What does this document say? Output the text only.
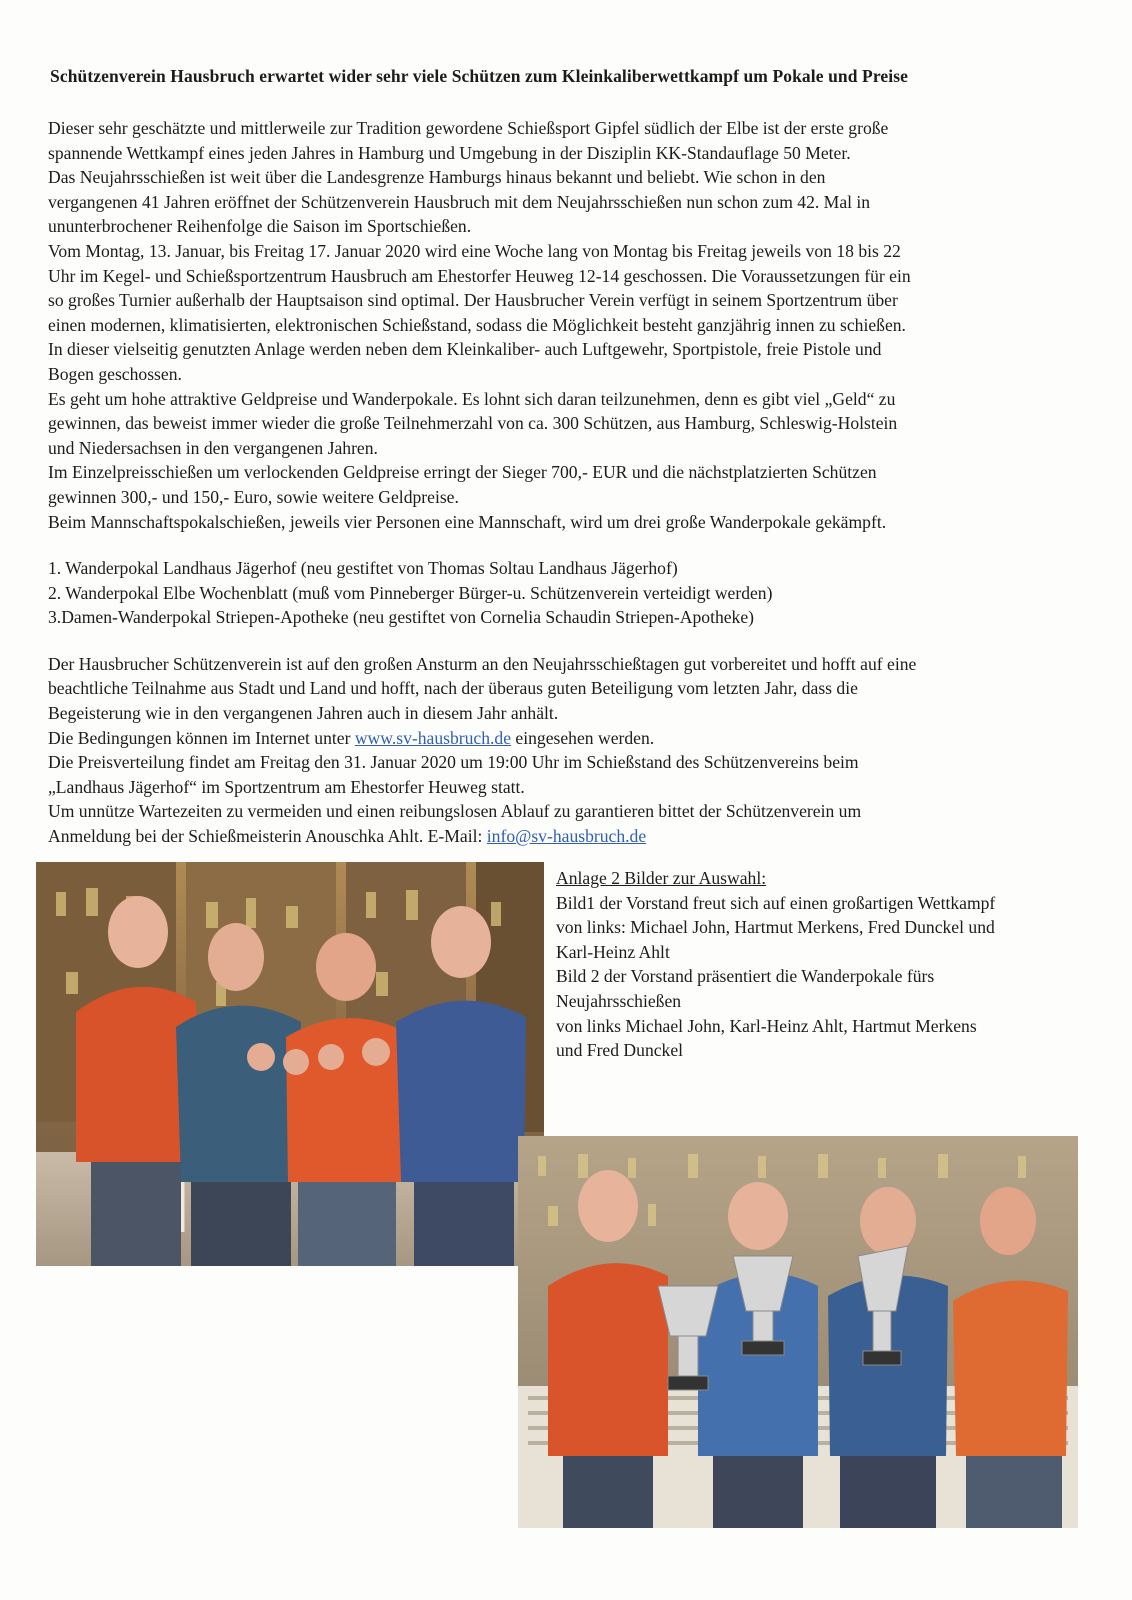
Schützenverein Hausbruch erwartet wider sehr viele Schützen zum Kleinkaliberwettkampf um Pokale und Preise

Dieser sehr geschätzte und mittlerweile zur Tradition gewordene Schießsport Gipfel südlich der Elbe ist der erste große

spannende Wettkampf eines jeden Jahres in Hamburg und Umgebung in der Disziplin KK-Standauflage 50 Meter.

Das Neujahrsschießen ist weit über die Landesgrenze Hamburgs hinaus bekannt und beliebt. Wie schon in den

vergangenen 41 Jahren eröffnet der Schützenverein Hausbruch mit dem Neujahrsschießen nun schon zum 42. Mal in

ununterbrochener Reihenfolge die Saison im Sportschießen.

Vom Montag, 13. Januar, bis Freitag 17. Januar 2020 wird eine Woche lang von Montag bis Freitag jeweils von 18 bis 22

Uhr im Kegel- und Schießsportzentrum Hausbruch am Ehestorfer Heuweg 12-14 geschossen. Die Voraussetzungen für ein

so großes Turnier außerhalb der Hauptsaison sind optimal. Der Hausbrucher Verein verfügt in seinem Sportzentrum über

einen modernen, klimatisierten, elektronischen Schießstand, sodass die Möglichkeit besteht ganzjährig innen zu schießen.

In dieser vielseitig genutzten Anlage werden neben dem Kleinkaliber- auch Luftgewehr, Sportpistole, freie Pistole und

Bogen geschossen.

Es geht um hohe attraktive Geldpreise und Wanderpokale. Es lohnt sich daran teilzunehmen, denn es gibt viel „Geld“ zu

gewinnen, das beweist immer wieder die große Teilnehmerzahl von ca. 300 Schützen, aus Hamburg, Schleswig-Holstein

und Niedersachsen in den vergangenen Jahren.

Im Einzelpreisschießen um verlockenden Geldpreise erringt der Sieger 700,- EUR und die nächstplatzierten Schützen

gewinnen 300,- und 150,- Euro, sowie weitere Geldpreise.

Beim Mannschaftspokalschießen, jeweils vier Personen eine Mannschaft, wird um drei große Wanderpokale gekämpft.

1. Wanderpokal Landhaus Jägerhof (neu gestiftet von Thomas Soltau Landhaus Jägerhof)

2. Wanderpokal Elbe Wochenblatt (muß vom Pinneberger Bürger-u. Schützenverein verteidigt werden)

3.Damen-Wanderpokal Striepen-Apotheke (neu gestiftet von Cornelia Schaudin Striepen-Apotheke)

Der Hausbrucher Schützenverein ist auf den großen Ansturm an den Neujahrsschießtagen gut vorbereitet und hofft auf eine

beachtliche Teilnahme aus Stadt und Land und hofft, nach der überaus guten Beteiligung vom letzten Jahr, dass die

Begeisterung wie in den vergangenen Jahren auch in diesem Jahr anhält.

Die Bedingungen können im Internet unter www.sv-hausbruch.de eingesehen werden.

Die Preisverteilung findet am Freitag den 31. Januar 2020 um 19:00 Uhr im Schießstand des Schützenvereins beim

„Landhaus Jägerhof“ im Sportzentrum am Ehestorfer Heuweg statt.

Um unnütze Wartezeiten zu vermeiden und einen reibungslosen Ablauf zu garantieren bittet der Schützenverein um

Anmeldung bei der Schießmeisterin Anouschka Ahlt. E-Mail: info@sv-hausbruch.de

Anlage 2 Bilder zur Auswahl:

Bild1 der Vorstand freut sich auf einen großartigen Wettkampf

von links: Michael John, Hartmut Merkens, Fred Dunckel und

Karl-Heinz Ahlt

Bild 2 der Vorstand präsentiert die Wanderpokale fürs

Neujahrsschießen

von links Michael John, Karl-Heinz Ahlt, Hartmut Merkens

und Fred Dunckel
